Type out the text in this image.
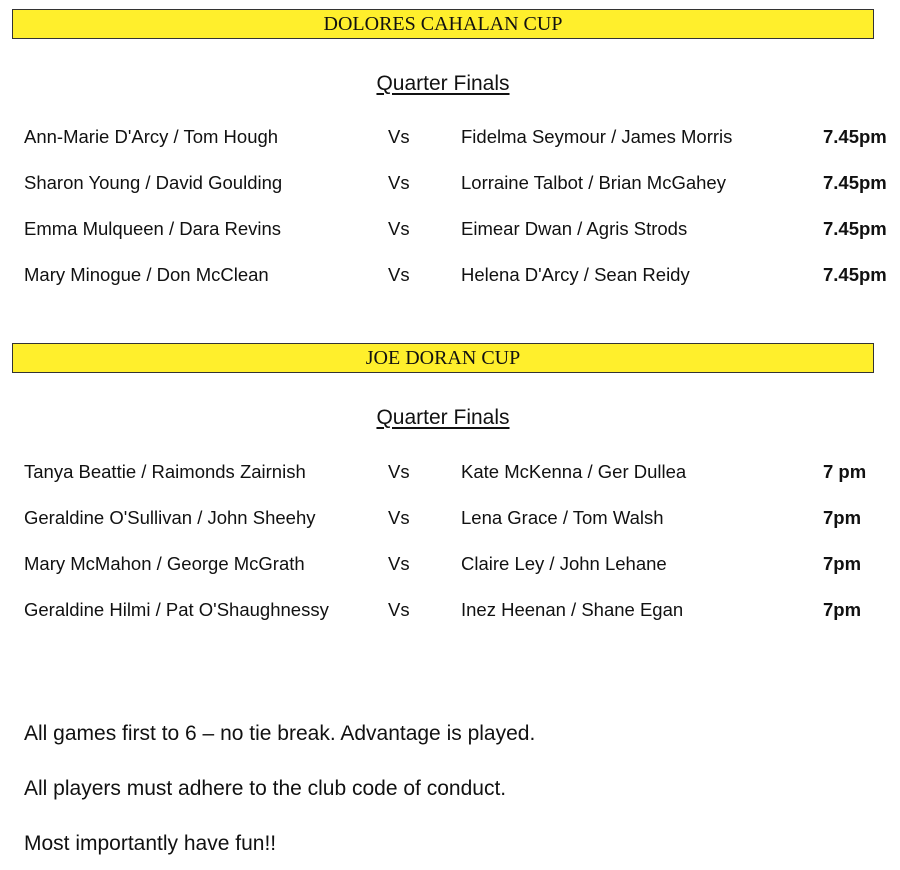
DOLORES CAHALAN CUP
Quarter Finals
Ann-Marie D'Arcy / Tom Hough	Vs	Fidelma Seymour / James Morris	7.45pm
Sharon Young / David Goulding	Vs	Lorraine Talbot / Brian McGahey	7.45pm
Emma Mulqueen / Dara Revins	Vs	Eimear Dwan / Agris Strods	7.45pm
Mary Minogue / Don McClean	Vs	Helena D'Arcy / Sean Reidy	7.45pm
JOE DORAN CUP
Quarter Finals
Tanya Beattie / Raimonds Zairnish	Vs	Kate McKenna / Ger Dullea	7 pm
Geraldine O'Sullivan / John Sheehy	Vs	Lena Grace / Tom Walsh	7pm
Mary McMahon / George McGrath	Vs	Claire Ley / John Lehane	7pm
Geraldine Hilmi / Pat O'Shaughnessy	Vs	Inez Heenan / Shane Egan	7pm
All games first to 6 – no tie break. Advantage is played.
All players must adhere to the club code of conduct.
Most importantly have fun!!
